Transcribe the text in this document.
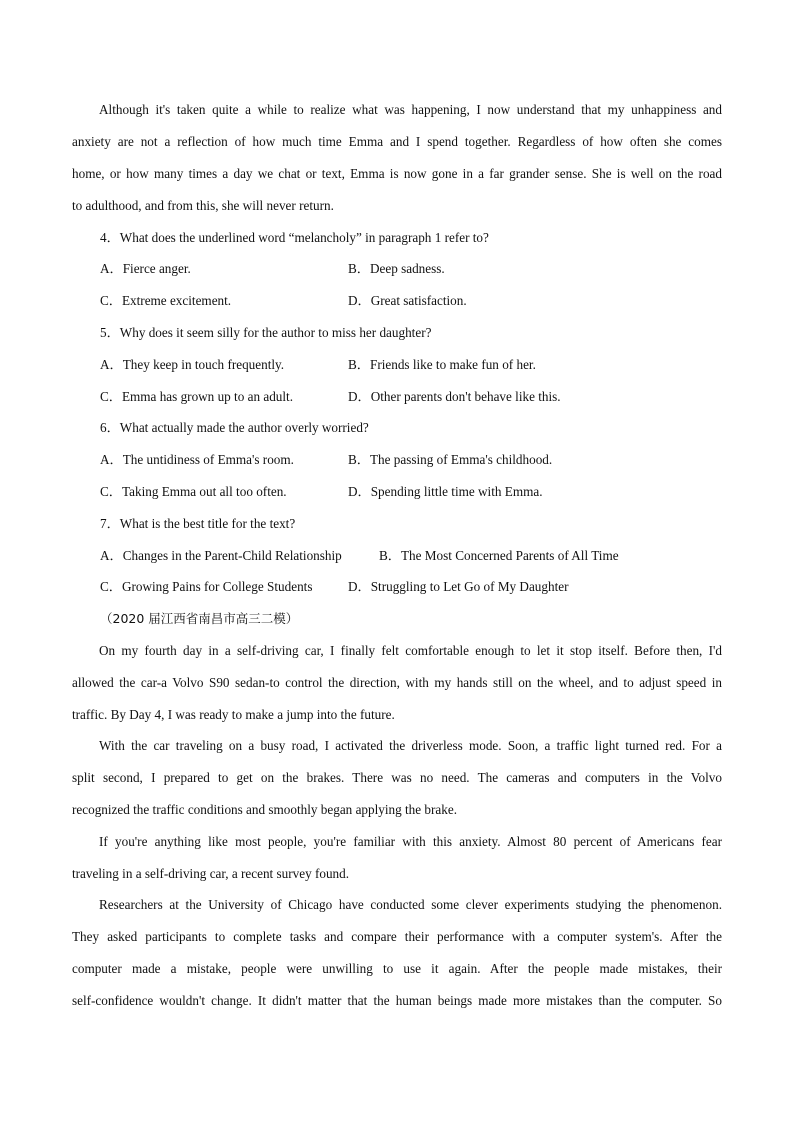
Although it's taken quite a while to realize what was happening, I now understand that my unhappiness and
anxiety are not a reflection of how much time Emma and I spend together. Regardless of how often she comes
home, or how many times a day we chat or text, Emma is now gone in a far grander sense. She is well on the road
to adulthood, and from this, she will never return.
4．What does the underlined word “melancholy” in paragraph 1 refer to?
A．Fierce anger.	B．Deep sadness.
C．Extreme excitement.	D．Great satisfaction.
5．Why does it seem silly for the author to miss her daughter?
A．They keep in touch frequently.	B．Friends like to make fun of her.
C．Emma has grown up to an adult.	D．Other parents don't behave like this.
6．What actually made the author overly worried?
A．The untidiness of Emma's room.	B．The passing of Emma's childhood.
C．Taking Emma out all too often.	D．Spending little time with Emma.
7．What is the best title for the text?
A．Changes in the Parent-Child Relationship	B．The Most Concerned Parents of All Time
C．Growing Pains for College Students	D．Struggling to Let Go of My Daughter
（2020 届江西省南昌市高三二模）
On my fourth day in a self-driving car, I finally felt comfortable enough to let it stop itself. Before then, I'd
allowed the car-a Volvo S90 sedan-to control the direction, with my hands still on the wheel, and to adjust speed in
traffic. By Day 4, I was ready to make a jump into the future.
With the car traveling on a busy road, I activated the driverless mode. Soon, a traffic light turned red. For a
split second, I prepared to get on the brakes. There was no need. The cameras and computers in the Volvo
recognized the traffic conditions and smoothly began applying the brake.
If you're anything like most people, you're familiar with this anxiety. Almost 80 percent of Americans fear
traveling in a self-driving car, a recent survey found.
Researchers at the University of Chicago have conducted some clever experiments studying the phenomenon.
They asked participants to complete tasks and compare their performance with a computer system's. After the
computer made a mistake, people were unwilling to use it again. After the people made mistakes, their
self-confidence wouldn't change. It didn't matter that the human beings made more mistakes than the computer. So
